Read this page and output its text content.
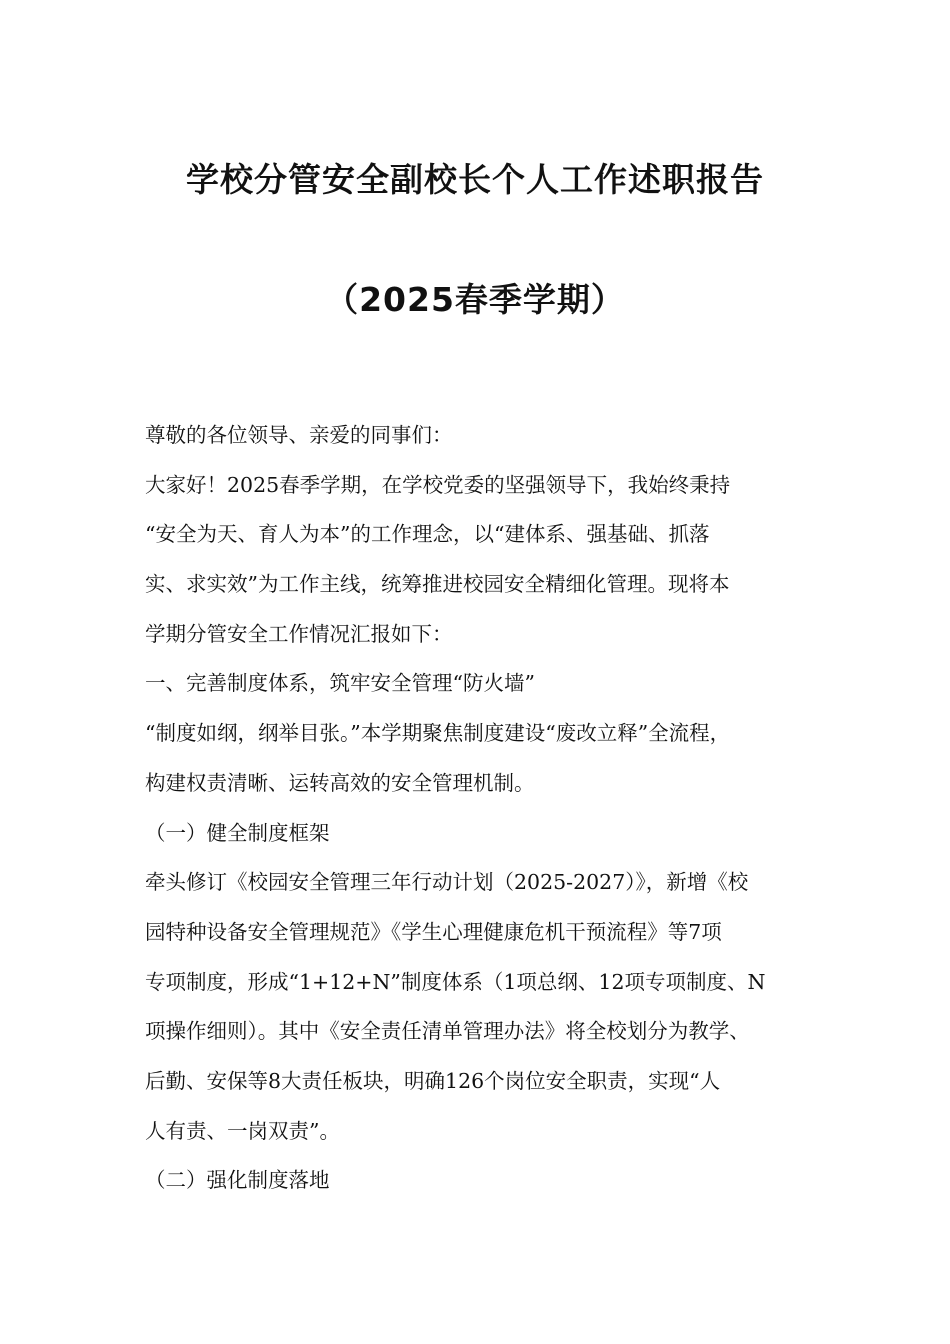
学校分管安全副校长个人工作述职报告
（2025春季学期）
尊敬的各位领导、亲爱的同事们：
大家好！2025春季学期，在学校党委的坚强领导下，我始终秉持
“安全为天、育人为本”的工作理念，以“建体系、强基础、抓落
实、求实效”为工作主线，统筹推进校园安全精细化管理。现将本
学期分管安全工作情况汇报如下：
一、完善制度体系，筑牢安全管理“防火墙”
“制度如纲，纲举目张。”本学期聚焦制度建设“废改立释”全流程，
构建权责清晰、运转高效的安全管理机制。
（一）健全制度框架
牵头修订《校园安全管理三年行动计划（2025-2027）》，新增《校
园特种设备安全管理规范》《学生心理健康危机干预流程》等7项
专项制度，形成“1+12+N”制度体系（1项总纲、12项专项制度、N
项操作细则）。其中《安全责任清单管理办法》将全校划分为教学、
后勤、安保等8大责任板块，明确126个岗位安全职责，实现“人
人有责、一岗双责”。
（二）强化制度落地
